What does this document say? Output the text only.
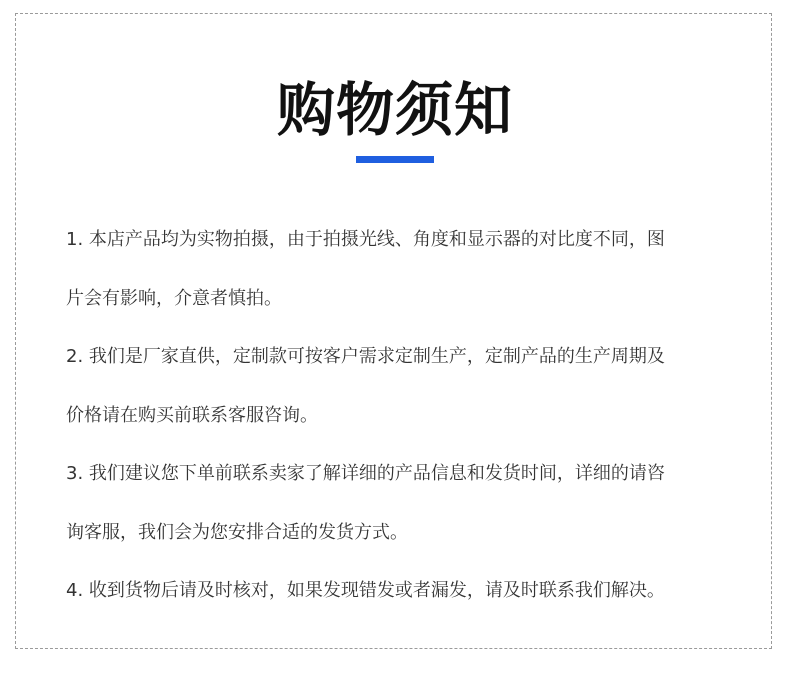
购物须知
1. 本店产品均为实物拍摄，由于拍摄光线、角度和显示器的对比度不同，图
片会有影响，介意者慎拍。
2. 我们是厂家直供，定制款可按客户需求定制生产，定制产品的生产周期及
价格请在购买前联系客服咨询。
3. 我们建议您下单前联系卖家了解详细的产品信息和发货时间，详细的请咨
询客服，我们会为您安排合适的发货方式。
4. 收到货物后请及时核对，如果发现错发或者漏发，请及时联系我们解决。
